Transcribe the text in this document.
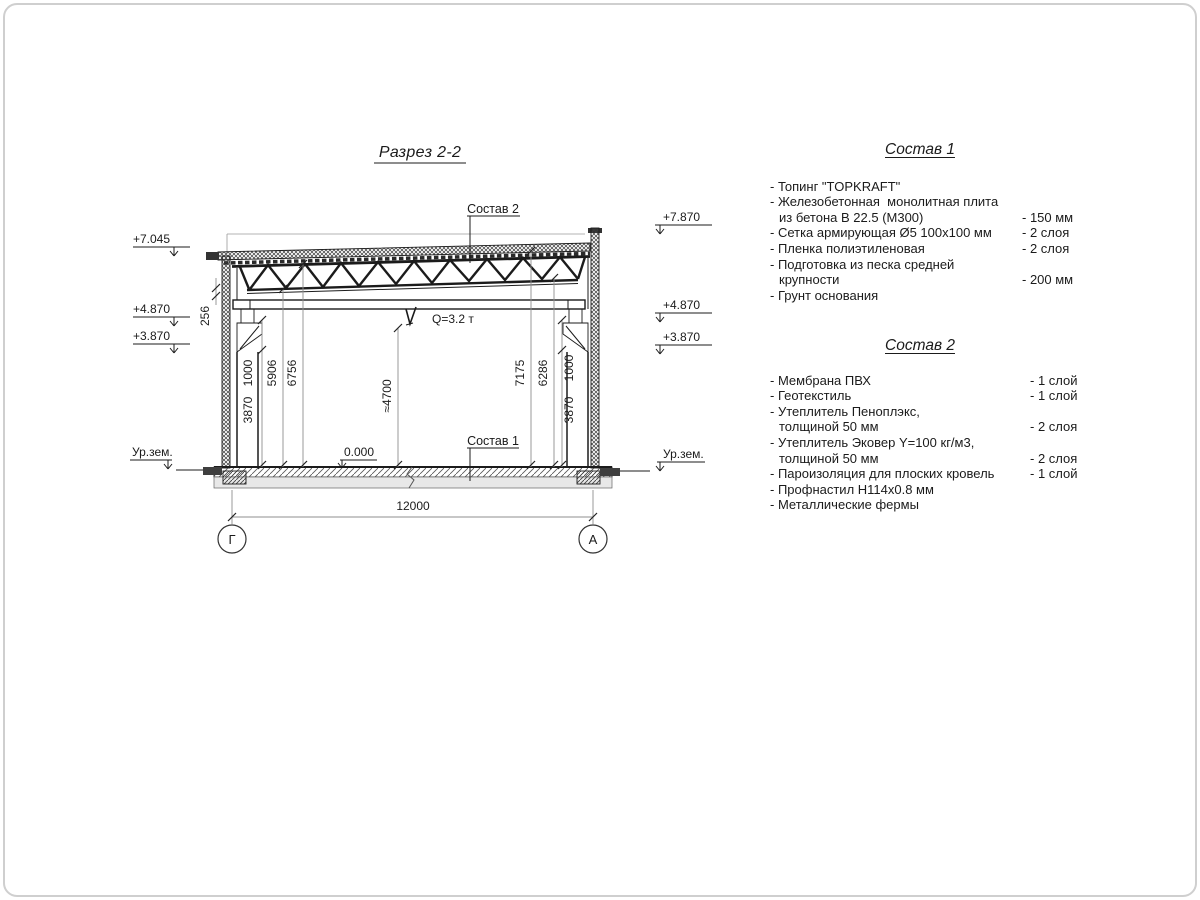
Разрез 2-2
256
1000
3870
5906 6756
≈4700
7175 6286 1000
3870
12000
Г	А
Состав 2
Состав 1
0.000
Q=3.2 т
+7.045
+4.870
+3.870
Ур.зем.
+7.870
+4.870
+3.870
Ур.зем.
Состав 1
- Топинг "TOPKRAFT"
- Железобетонная  монолитная плита
из бетона В 22.5 (М300)	- 150 мм
- Сетка армирующая Ø5 100x100 мм - 2 слоя
- Пленка полиэтиленовая	- 2 слоя
- Подготовка из песка средней
крупности	- 200 мм
- Грунт основания
Состав 2
- Мембрана ПВХ	- 1 слой
- Геотекстиль	- 1 слой
- Утеплитель Пеноплэкс,
толщиной 50 мм	- 2 слоя
- Утеплитель Эковер Y=100 кг/м3,
толщиной 50 мм	- 2 слоя
- Пароизоляция для плоских кровель	- 1 слой
- Профнастил Н114x0.8 мм
- Металлические фермы
